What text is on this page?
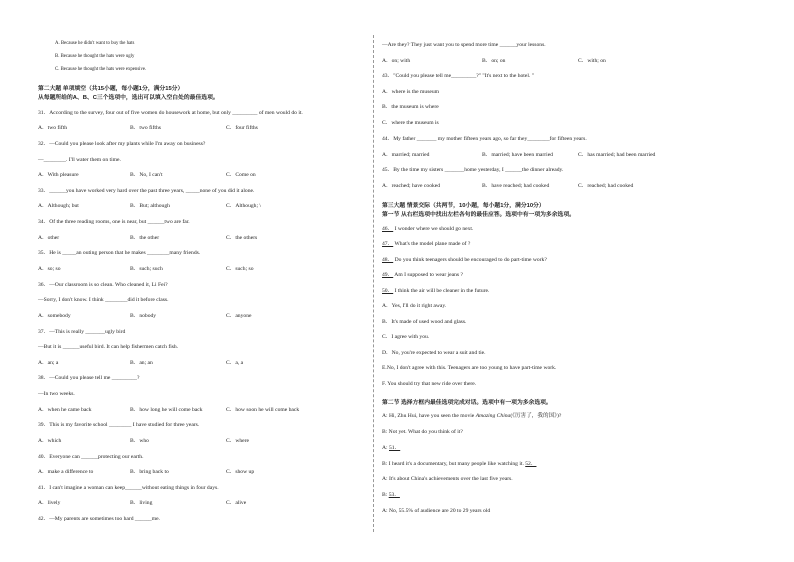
A. Because he didn't want to buy the hats
B. Because he thought the hats were ugly
C. Because he thought the hats were expensive.
第二大题 单项填空（共15小题，每小题1分，满分15分）
从每题所给的A、B、C三个选项中，选出可以填入空白处的最佳选项。
31．According to the survey, four out of five women do housework at home, but only _________ of men would do it.
A．two fifth	B．two fifths	C．four fifths
32．—Could you please look after my plants while I'm away on business?
—________. I'll water them on time.
A．With pleasure	B．No, I can't	C．Come on
33．______you have worked very hard over the past three years, _____none of you did it alone.
A．Although; but	B．But; although	C．Although; \
34．Of the three reading rooms, one is near, but ______two are far.
A．other	B．the other	C．the others
35．He is _____an outing person that he makes ________many friends.
A．so; so	B．such; such	C．such; so
36．—Our classroom is so clean. Who cleaned it, Li Fei?
—Sorry, I don't know. I think ________did it before class.
A．somebody	B．nobody	C．anyone
37．—This is really _______ugly bird
—But it is ______useful bird. It can help fishermen catch fish.
A．an; a	B．an; an	C．a, a
38．—Could you please tell me _________?
—In two weeks.
A．when he came back	B．how long he will come back	C．how soon he will come back
39．This is my favorite school ________ I have studied for three years.
A．which	B．who	C．where
40．Everyone can ______protecting our earth.
A．make a difference to	B．bring back to	C．show up
41．I can't imagine a woman can keep______without eating things in four days.
A．lively	B．living	C．alive
42．—My parents are sometimes too hard ______me.
—Are they? They just want you to spend more time ______your lessons.
A．on; with	B．on; on	C．with; on
43．"Could you please tell me_________?" "It's next to the hotel. "
A．where is the museum
B．the museum is where
C．where the museum is
44．My father _______ my mother fifteen years ago, so far they________for fifteen years.
A．married; married	B．married; have been married	C．has married; had been married
45．By the time my sisters _______home yesterday, I ______the dinner already.
A．reached; have cooked	B．have reached; had cooked	C．reached; had cooked
第三大题 情景交际（共两节，10小题，每小题1分，满分10分）
第一节 从右栏选项中找出左栏各句的最佳应答。选项中有一项为多余选项。
46． I wonder where we should go next.
47． What's the model plane made of ?
48． Do you think teenagers should be encouraged to do part-time work?
49． Am I supposed to wear jeans ?
50． I think the air will be cleaner in the future.
A．Yes, I'll do it right away.
B．It's made of used wood and glass.
C．I agree with you.
D．No, you're expected to wear a suit and tie.
E.No, I don't agree with this. Teenagers are too young to have part-time work.
F. You should try that new ride over there.
第二节 选择方框内最佳选项完成对话。选项中有一项为多余选项。
A: Hi, Zhu Hui, have you seen the movie Amazing China(《厉害了，我的国》)?
B: Not yet. What do you think of it?
A: 51．
B: I heard it's a documentary, but many people like watching it. 52．
A: It's about China's achievements over the last five years.
B: 53．
A: No, 55.5% of audience are 20 to 29 years old
